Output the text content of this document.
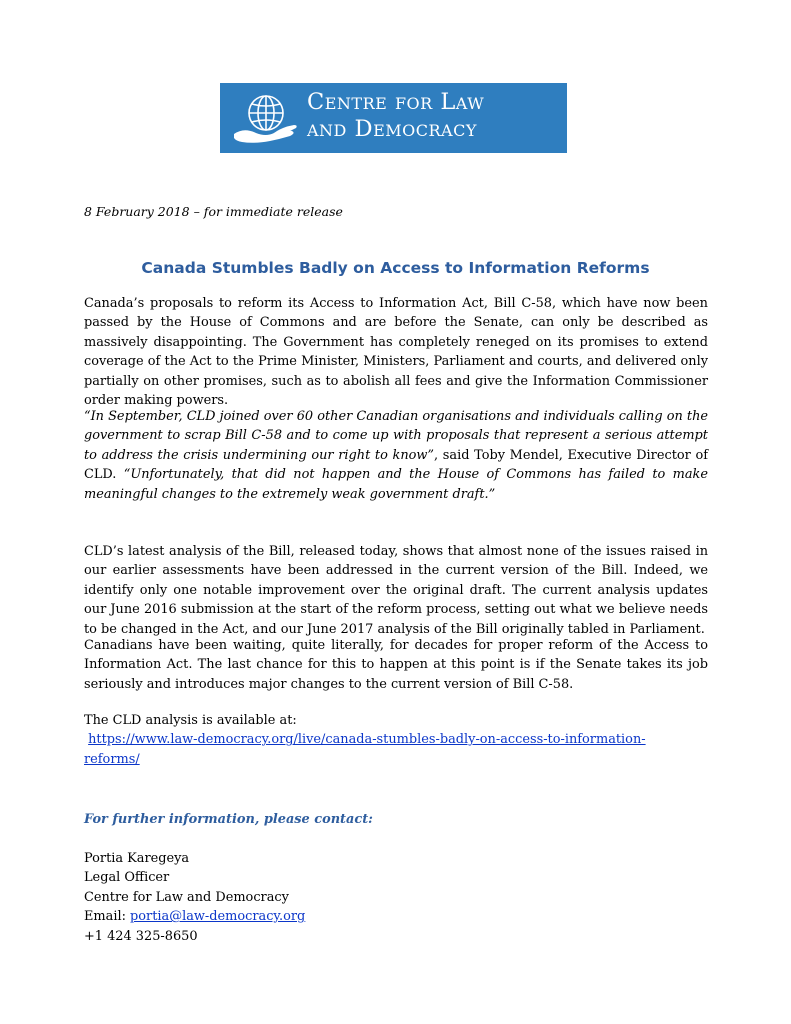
Centre for Law
and Democracy
8 February 2018 – for immediate release
Canada Stumbles Badly on Access to Information Reforms

Canada’s proposals to reform its Access to Information Act, Bill C-58, which have now been passed by the House of Commons and are before the Senate, can only be described as massively disappointing. The Government has completely reneged on its promises to extend coverage of the Act to the Prime Minister, Ministers, Parliament and courts, and delivered only partially on other promises, such as to abolish all fees and give the Information Commissioner order making powers.

“In September, CLD joined over 60 other Canadian organisations and individuals calling on the government to scrap Bill C-58 and to come up with proposals that represent a serious attempt to address the crisis undermining our right to know”, said Toby Mendel, Executive Director of CLD. “Unfortunately, that did not happen and the House of Commons has failed to make meaningful changes to the extremely weak government draft.”

CLD’s latest analysis of the Bill, released today, shows that almost none of the issues raised in our earlier assessments have been addressed in the current version of the Bill. Indeed, we identify only one notable improvement over the original draft. The current analysis updates our June 2016 submission at the start of the reform process, setting out what we believe needs to be changed in the Act, and our June 2017 analysis of the Bill originally tabled in Parliament.

Canadians have been waiting, quite literally, for decades for proper reform of the Access to Information Act. The last chance for this to happen at this point is if the Senate takes its job seriously and introduces major changes to the current version of Bill C-58.

The CLD analysis is available at:
https://www.law-democracy.org/live/canada-stumbles-badly-on-access-to-information-
reforms/

For further information, please contact:
Portia Karegeya
Legal Officer
Centre for Law and Democracy
Email: portia@law-democracy.org
+1 424 325-8650
